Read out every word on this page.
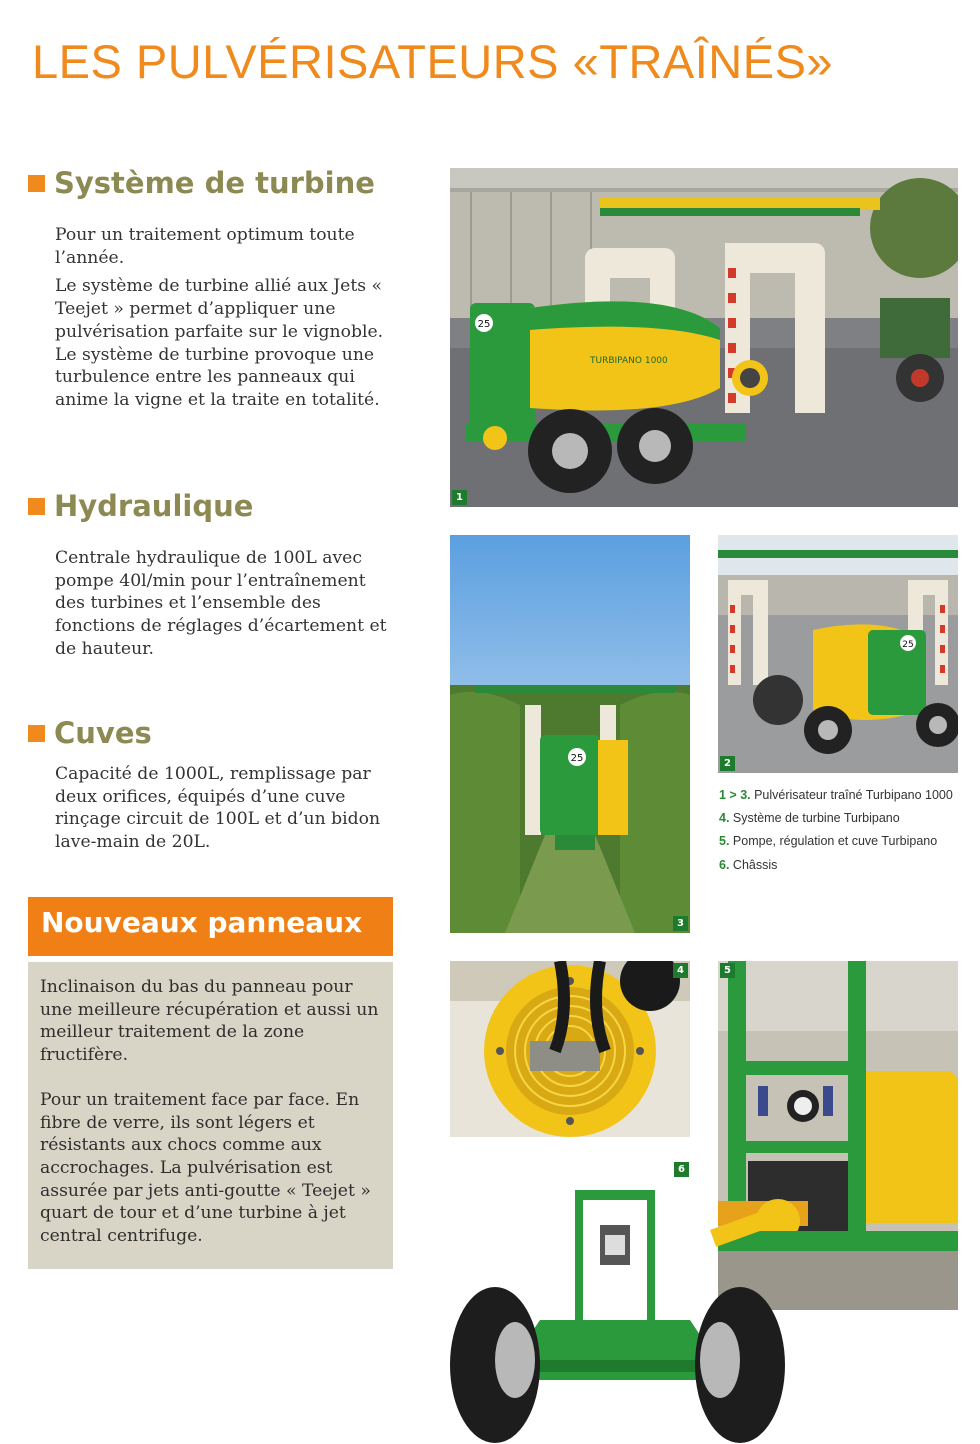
LES PULVÉRISATEURS «TRAÎNÉS»
Système de turbine

Pour un traitement optimum toute l’année.

Le système de turbine allié aux Jets « Teejet » permet d’appliquer une pulvérisation parfaite sur le vignoble. Le système de turbine provoque une turbulence entre les panneaux qui anime la vigne et la traite en totalité.

Hydraulique

Centrale hydraulique de 100L avec pompe 40l/min pour l’entraînement des turbines et l’ensemble des fonctions de réglages d’écartement et de hauteur.

Cuves

Capacité de 1000L, remplissage par deux orifices, équipés d’une cuve rinçage circuit de 100L et d’un bidon lave-main de 20L.

Nouveaux panneaux

Inclinaison du bas du panneau pour une meilleure récupération et aussi un meilleur traitement de la zone fructifère.

Pour un traitement face par face. En fibre de verre, ils sont légers et résistants aux chocs comme aux accrochages. La pulvérisation est assurée par jets anti-goutte « Teejet » quart de tour et d’une turbine à jet central centrifuge.

25
TURBIPANO 1000
1
25
2
25
3
1 > 3. Pulvérisateur traîné Turbipano 1000
4. Système de turbine Turbipano
5. Pompe, régulation et cuve Turbipano
6. Châssis
4	5
6
